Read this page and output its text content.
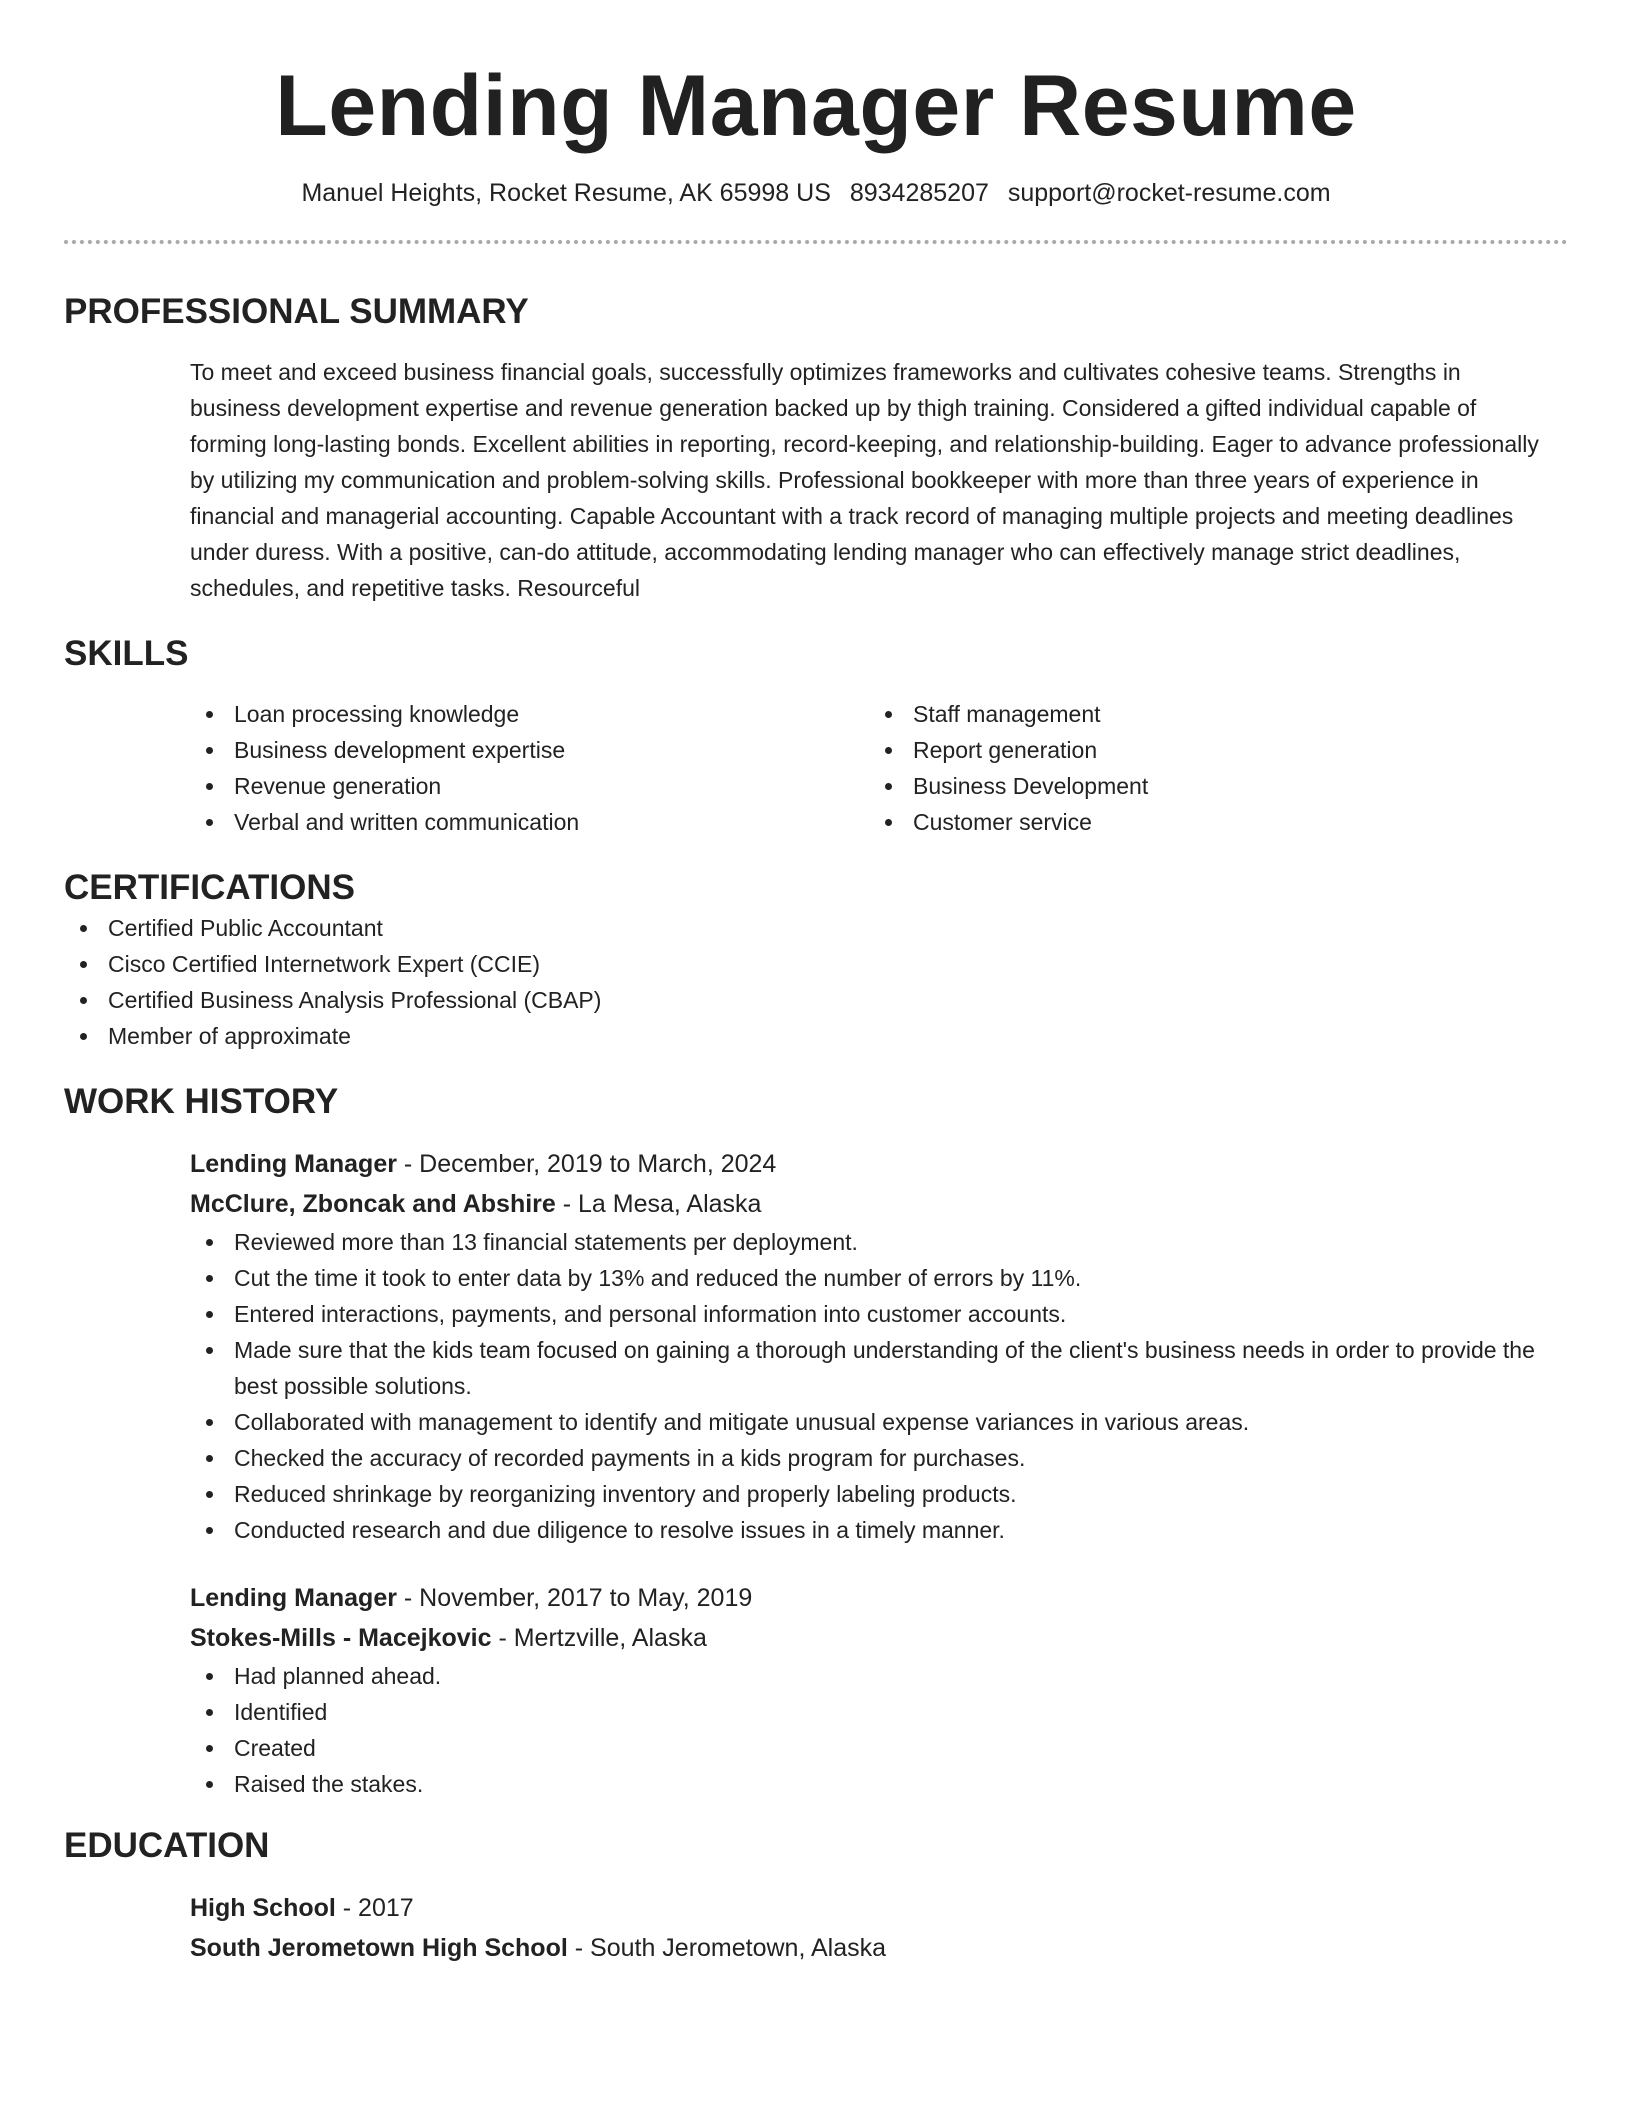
Lending Manager Resume
Manuel Heights, Rocket Resume, AK 65998 US 8934285207 support@rocket-resume.com
PROFESSIONAL SUMMARY
To meet and exceed business financial goals, successfully optimizes frameworks and cultivates cohesive teams. Strengths in business development expertise and revenue generation backed up by thigh training. Considered a gifted individual capable of forming long-lasting bonds. Excellent abilities in reporting, record-keeping, and relationship-building. Eager to advance professionally by utilizing my communication and problem-solving skills. Professional bookkeeper with more than three years of experience in financial and managerial accounting. Capable Accountant with a track record of managing multiple projects and meeting deadlines under duress. With a positive, can-do attitude, accommodating lending manager who can effectively manage strict deadlines, schedules, and repetitive tasks. Resourceful
SKILLS
Loan processing knowledge
Business development expertise
Revenue generation
Verbal and written communication
Staff management
Report generation
Business Development
Customer service
CERTIFICATIONS
Certified Public Accountant
Cisco Certified Internetwork Expert (CCIE)
Certified Business Analysis Professional (CBAP)
Member of approximate
WORK HISTORY
Lending Manager - December, 2019 to March, 2024
McClure, Zboncak and Abshire - La Mesa, Alaska
Reviewed more than 13 financial statements per deployment.
Cut the time it took to enter data by 13% and reduced the number of errors by 11%.
Entered interactions, payments, and personal information into customer accounts.
Made sure that the kids team focused on gaining a thorough understanding of the client's business needs in order to provide the best possible solutions.
Collaborated with management to identify and mitigate unusual expense variances in various areas.
Checked the accuracy of recorded payments in a kids program for purchases.
Reduced shrinkage by reorganizing inventory and properly labeling products.
Conducted research and due diligence to resolve issues in a timely manner.
Lending Manager - November, 2017 to May, 2019
Stokes-Mills - Macejkovic - Mertzville, Alaska
Had planned ahead.
Identified
Created
Raised the stakes.
EDUCATION
High School - 2017
South Jerometown High School - South Jerometown, Alaska
